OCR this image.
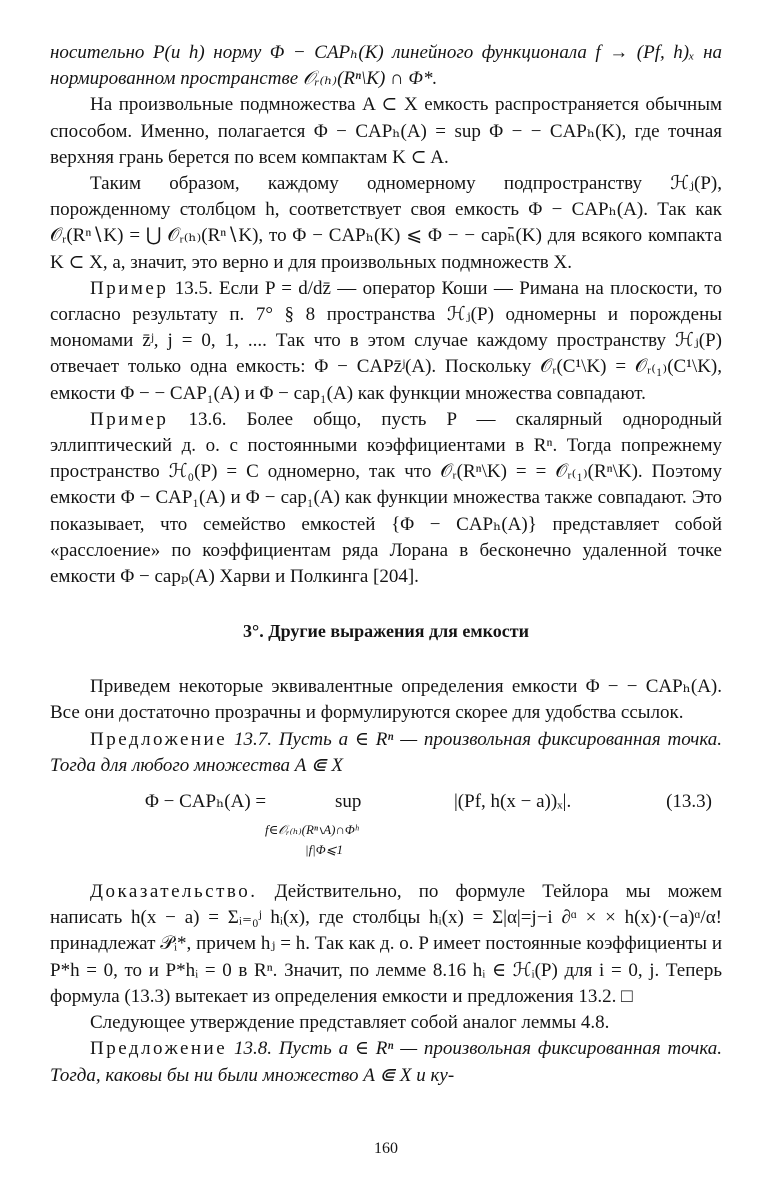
носительно P(и h) норму Φ − CAPₕ(K) линейного функционала f → (Pf, h)ₓ на нормированном пространстве 𝒪ᵣ₍ₕ₎(Rⁿ\K) ∩ Φ*.

На произвольные подмножества A ⊂ X емкость распространяется обычным способом. Именно, полагается Φ − CAPₕ(A) = sup Φ − − CAPₕ(K), где точная верхняя грань берется по всем компактам K ⊂ A.

Таким образом, каждому одномерному подпространству ℋⱼ(P), порожденному столбцом h, соответствует своя емкость Φ − CAPₕ(A). Так как 𝒪ᵣ(Rⁿ∖K) = ⋃ 𝒪ᵣ₍ₕ₎(Rⁿ∖K), то Φ − CAPₕ(K) ⩽ Φ − − capₕ̄(K) для всякого компакта K ⊂ X, а, значит, это верно и для произвольных подмножеств X.

Пример 13.5. Если P = d/dz̄ — оператор Коши — Римана на плоскости, то согласно результату п. 7° § 8 пространства ℋⱼ(P) одномерны и порождены мономами z̄ʲ, j = 0, 1, .... Так что в этом случае каждому пространству ℋⱼ(P) отвечает только одна емкость: Φ − CAPz̄ʲ(A). Поскольку 𝒪ᵣ(C¹\K) = 𝒪ᵣ₍₁₎(C¹\K), емкости Φ − − CAP₁(A) и Φ − cap₁(A) как функции множества совпадают.

Пример 13.6. Более общо, пусть P — скалярный однородный эллиптический д. о. с постоянными коэффициентами в Rⁿ. Тогда попрежнему пространство ℋ₀(P) = C одномерно, так что 𝒪ᵣ(Rⁿ\K) = = 𝒪ᵣ₍₁₎(Rⁿ\K). Поэтому емкости Φ − CAP₁(A) и Φ − cap₁(A) как функции множества также совпадают. Это показывает, что семейство емкостей {Φ − CAPₕ(A)} представляет собой «расслоение» по коэффициентам ряда Лорана в бесконечно удаленной точке емкости Φ − capₚ(A) Харви и Полкинга [204].

3°. Другие выражения для емкости

Приведем некоторые эквивалентные определения емкости Φ − − CAPₕ(A). Все они достаточно прозрачны и формулируются скорее для удобства ссылок.

Предложение 13.7. Пусть a ∈ Rⁿ — произвольная фиксированная точка. Тогда для любого множества A ⋐ X

Φ − CAPₕ(A) =	sup
f∈𝒪ᵣ₍ₕ₎(Rⁿ∖A)∩Φʰ
|f|Φ⩽1
|(Pf, h(x − a))ₓ|.	(13.3)

Доказательство. Действительно, по формуле Тейлора мы можем написать h(x − a) = Σᵢ₌₀ʲ hᵢ(x), где столбцы hᵢ(x) = Σ|α|=j−i ∂ᵅ × × h(x)·(−a)ᵅ/α! принадлежат 𝒫ᵢ*, причем hⱼ = h. Так как д. о. P имеет постоянные коэффициенты и P*h = 0, то и P*hᵢ = 0 в Rⁿ. Значит, по лемме 8.16 hᵢ ∈ ℋᵢ(P) для i = 0, j. Теперь формула (13.3) вытекает из определения емкости и предложения 13.2. □

Следующее утверждение представляет собой аналог леммы 4.8.

Предложение 13.8. Пусть a ∈ Rⁿ — произвольная фиксированная точка. Тогда, каковы бы ни были множество A ⋐ X и ку-

160
